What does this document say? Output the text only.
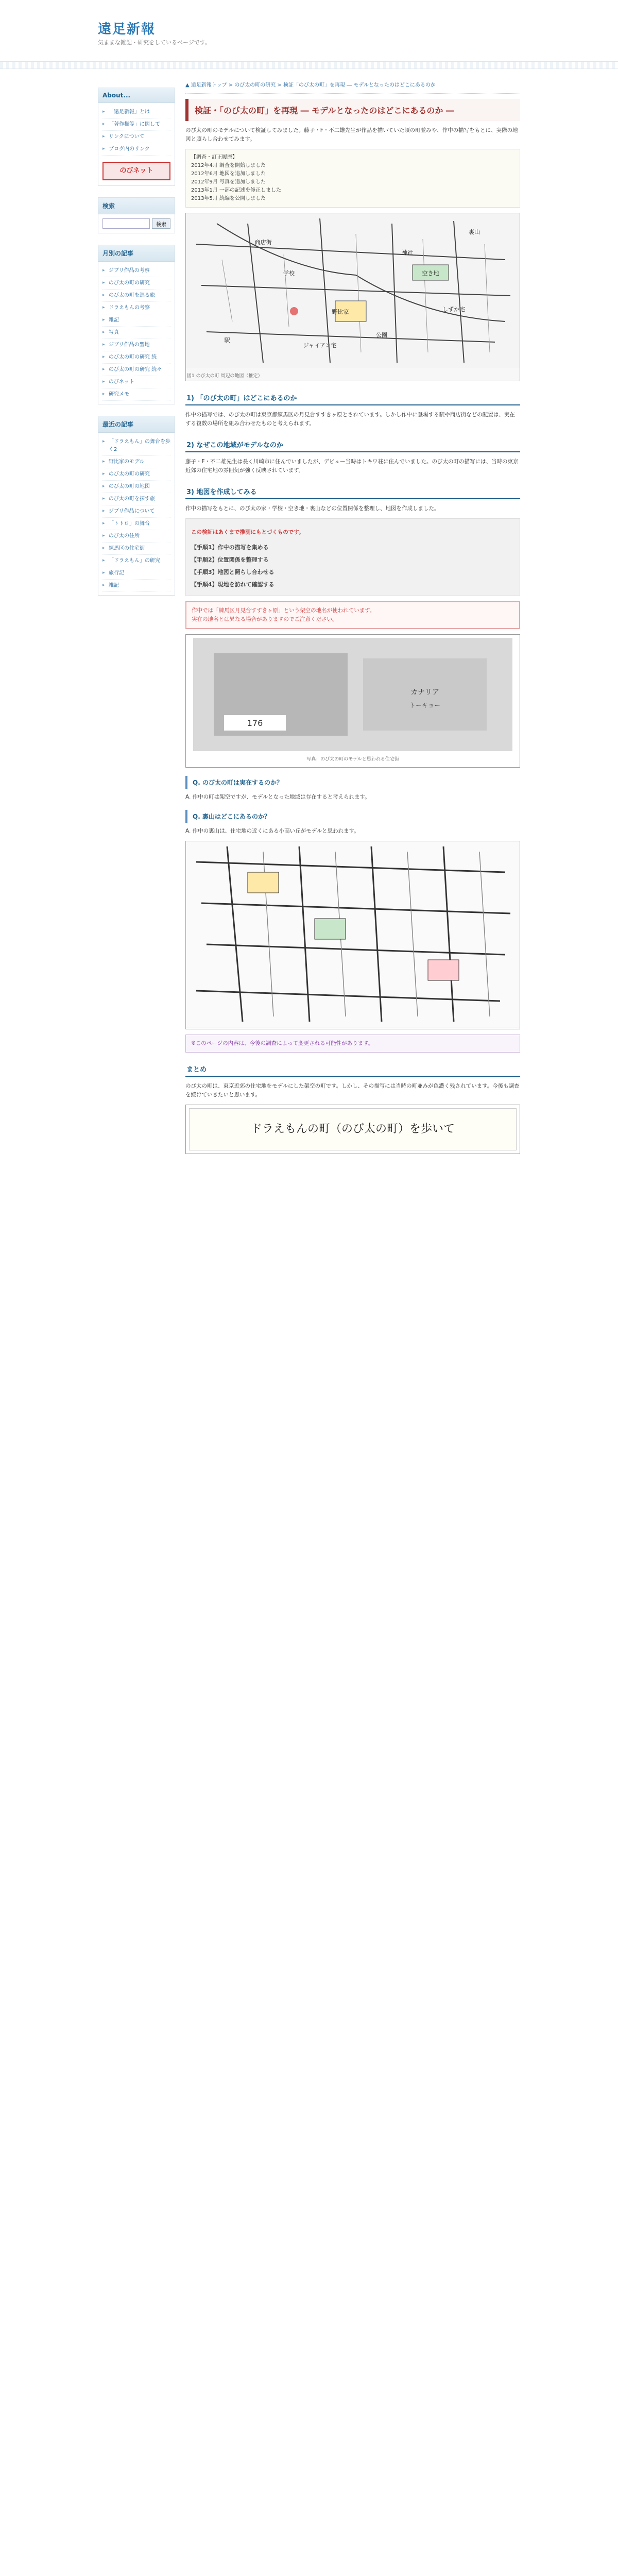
遠足新報
気ままな雑記・研究をしているページです。
About...
▸ 「遠足新報」とは
▸ 「著作権等」に関して
▸ リンクについて
▸ ブログ内のリンク
のびネット
検索
検索
月別の記事
▸ ジブリ作品の考察
▸ のび太の町の研究
▸ のび太の町を巡る旅
▸ ドラえもんの考察
▸ 雑記
▸ 写真
▸ ジブリ作品の聖地
▸ のび太の町の研究 続
▸ のび太の町の研究 続々
▸ のびネット
▸ 研究メモ
最近の記事
▸ 「ドラえもん」の舞台を歩く2
▸ 野比家のモデル
▸ のび太の町の研究
▸ のび太の町の地図
▸ のび太の町を探す旅
▸ ジブリ作品について
▸ 「トトロ」の舞台
▸ のび太の住所
▸ 練馬区の住宅街
▸ 「ドラえもん」の研究
▸ 旅行記
▸ 雑記
▲ 遠足新報トップ > のび太の町の研究 > 検証「のび太の町」を再現 ― モデルとなったのはどこにあるのか
検証・「のび太の町」を再現 ― モデルとなったのはどこにあるのか ―
のび太の町のモデルについて検証してみました。藤子・F・不二雄先生が作品を描いていた頃の町並みや、作中の描写をもとに、実際の地図と照らし合わせてみます。
【調査・訂正履歴】
2012年4月 調査を開始しました
2012年6月 地図を追加しました
2012年9月 写真を追加しました
2013年1月 一部の記述を修正しました
2013年5月 続編を公開しました
野比家
空き地
学校
裏山
駅
公園
商店街
神社
しずか宅
ジャイアン宅
図1 のび太の町 周辺の地図（推定）
1) 「のび太の町」はどこにあるのか
作中の描写では、のび太の町は東京都練馬区の月見台すすきヶ原とされています。しかし作中に登場する駅や商店街などの配置は、実在する複数の場所を組み合わせたものと考えられます。
2) なぜこの地域がモデルなのか
藤子・F・不二雄先生は長く川崎市に住んでいましたが、デビュー当時はトキワ荘に住んでいました。のび太の町の描写には、当時の東京近郊の住宅地の雰囲気が強く反映されています。
3) 地図を作成してみる
作中の描写をもとに、のび太の家・学校・空き地・裏山などの位置関係を整理し、地図を作成しました。
この検証はあくまで推測にもとづくものです。
【手順1】作中の描写を集める
【手順2】位置関係を整理する
【手順3】地図と照らし合わせる
【手順4】現地を訪れて確認する
作中では「練馬区月見台すすきヶ原」という架空の地名が使われています。
実在の地名とは異なる場合がありますのでご注意ください。
176
カナリア
トーキョー
写真：のび太の町のモデルと思われる住宅街
Q. のび太の町は実在するのか？
A. 作中の町は架空ですが、モデルとなった地域は存在すると考えられます。
Q. 裏山はどこにあるのか？
A. 作中の裏山は、住宅地の近くにある小高い丘がモデルと思われます。
※このページの内容は、今後の調査によって変更される可能性があります。
まとめ
のび太の町は、東京近郊の住宅地をモデルにした架空の町です。しかし、その描写には当時の町並みが色濃く残されています。今後も調査を続けていきたいと思います。
ドラえもんの町（のび太の町）を歩いて
